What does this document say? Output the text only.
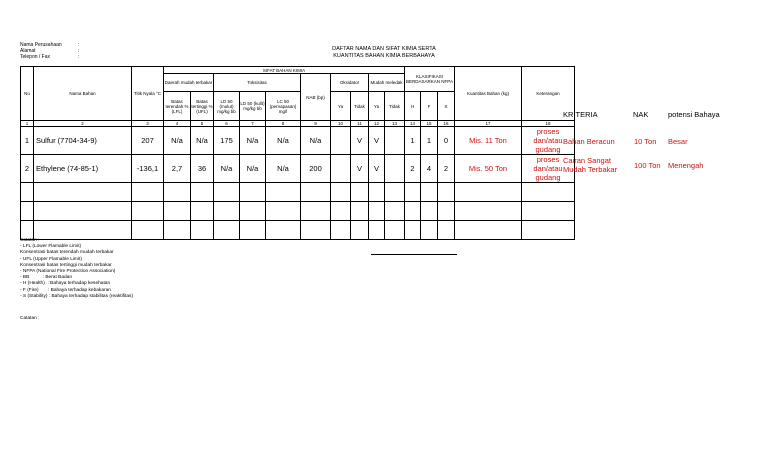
DAFTAR NAMA DAN SIFAT KIMIA SERTA
KUANTITAS BAHAN KIMIA BERBAHAYA
Nama Perusahaan	:
Alamat	:
Telepon / Fax	:
No	Nama Bahan	Titik Nyala °C	SIFAT BAHAN KIMIA										KLASIFIKASI BERDASARKAN NFPA			Kuantitas Bahan (kg)	Keterangan
			Daerah mudah terbakar		Toksisitas			NAB (bp)	Oksidator		Mudah meledak						
			Batas terendah % (LFL)	Batas tertinggi % (UFL)	LD 50 (mulut) mg/kg bb	LD 50 (kulit) mg/kg bb	LC 50 (pernapasan) mg/l		Ya	Tidak	Ya	Tidak	H	F	S		
1	2	3	4	5	6	7	8	9	10	11	12	13	14	15	16	17	18
1	Sulfur (7704-34-9)	207	N/a	N/a	175	N/a	N/a	N/a		V	V		1	1	0	Mis. 11 Ton	proses dan/atau gudang
2	Ethylene (74-85-1)	-136,1	2,7	36	N/a	N/a	N/a	200		V	V		2	4	2	Mis. 50 Ton	proses dan/atau gudang

KRITERIA	NAK	potensi Bahaya
Bahan Beracun	10 Ton Besar
Cairan Sangat Mudah Terbakar	100 Ton Menengah
Catatan :
- LFL (Lower Flamable Limit)
Konsentrasi batas terendah mudah terbakar
- UFL (Upper Flamable Limit)
Konsentrasi batas tertinggi mudah terbakar
- NFPA (National Fire Protection Association)
- BB          : Berat Badan
- H (Health)  : Bahaya terhadap kesehatan
- F (Fire)       : Bahaya terhadap kebakaran
- S (Stability) : Bahaya terhadap stabilitas (reaktifitas)
Catatan :
